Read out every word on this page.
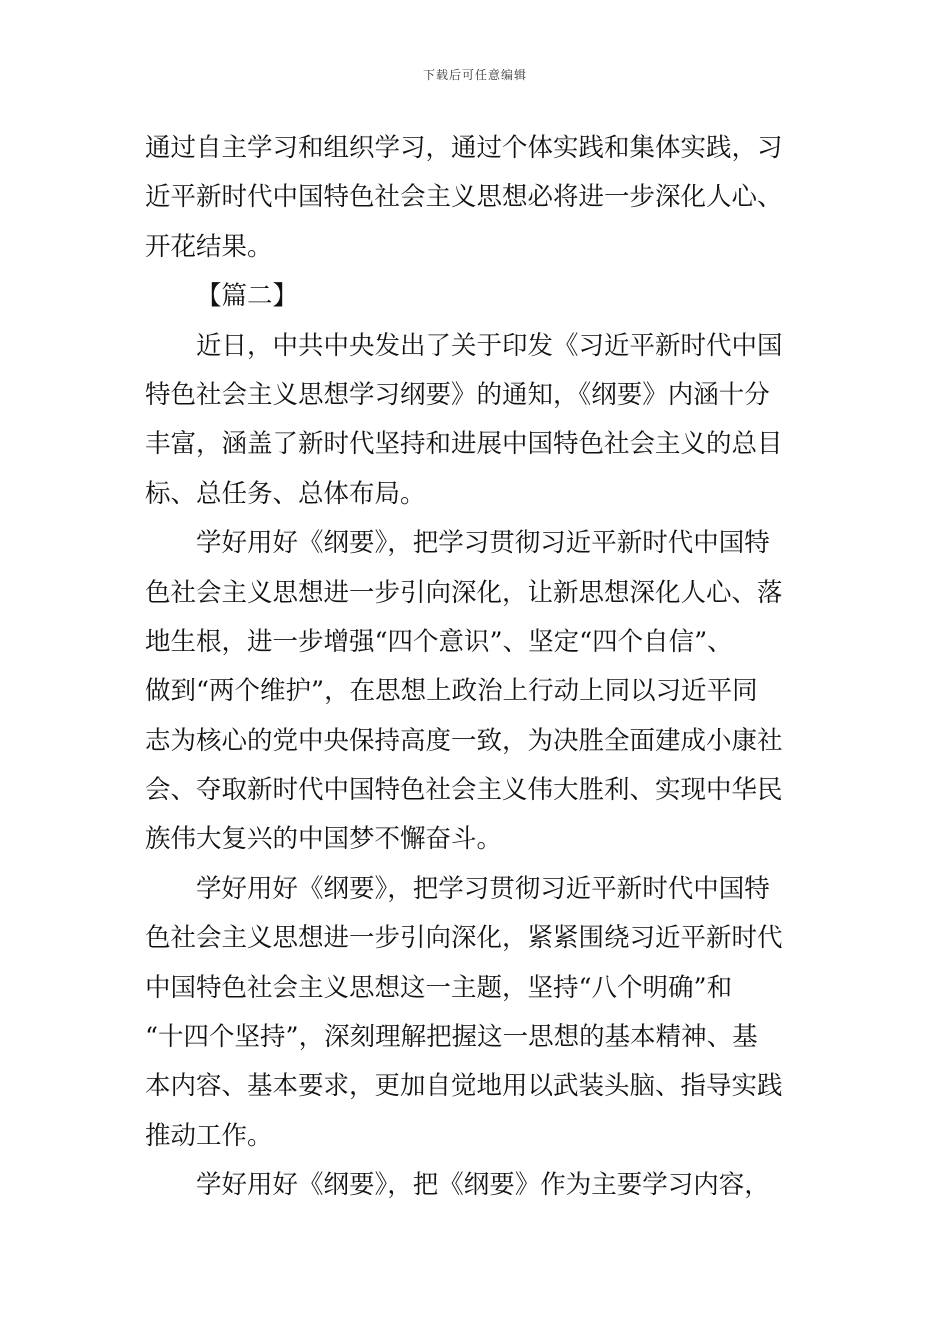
下载后可任意编辑
通过自主学习和组织学习，通过个体实践和集体实践，习
近平新时代中国特色社会主义思想必将进一步深化人心、
开花结果。
【篇二】
近日，中共中央发出了关于印发《习近平新时代中国
特色社会主义思想学习纲要》的通知，《纲要》内涵十分
丰富，涵盖了新时代坚持和进展中国特色社会主义的总目
标、总任务、总体布局。
学好用好《纲要》，把学习贯彻习近平新时代中国特
色社会主义思想进一步引向深化，让新思想深化人心、落
地生根，进一步增强“四个意识”、坚定“四个自信”、
做到“两个维护”，在思想上政治上行动上同以习近平同
志为核心的党中央保持高度一致，为决胜全面建成小康社
会、夺取新时代中国特色社会主义伟大胜利、实现中华民
族伟大复兴的中国梦不懈奋斗。
学好用好《纲要》，把学习贯彻习近平新时代中国特
色社会主义思想进一步引向深化，紧紧围绕习近平新时代
中国特色社会主义思想这一主题，坚持“八个明确”和
“十四个坚持”，深刻理解把握这一思想的基本精神、基
本内容、基本要求，更加自觉地用以武装头脑、指导实践
推动工作。
学好用好《纲要》，把《纲要》作为主要学习内容，
